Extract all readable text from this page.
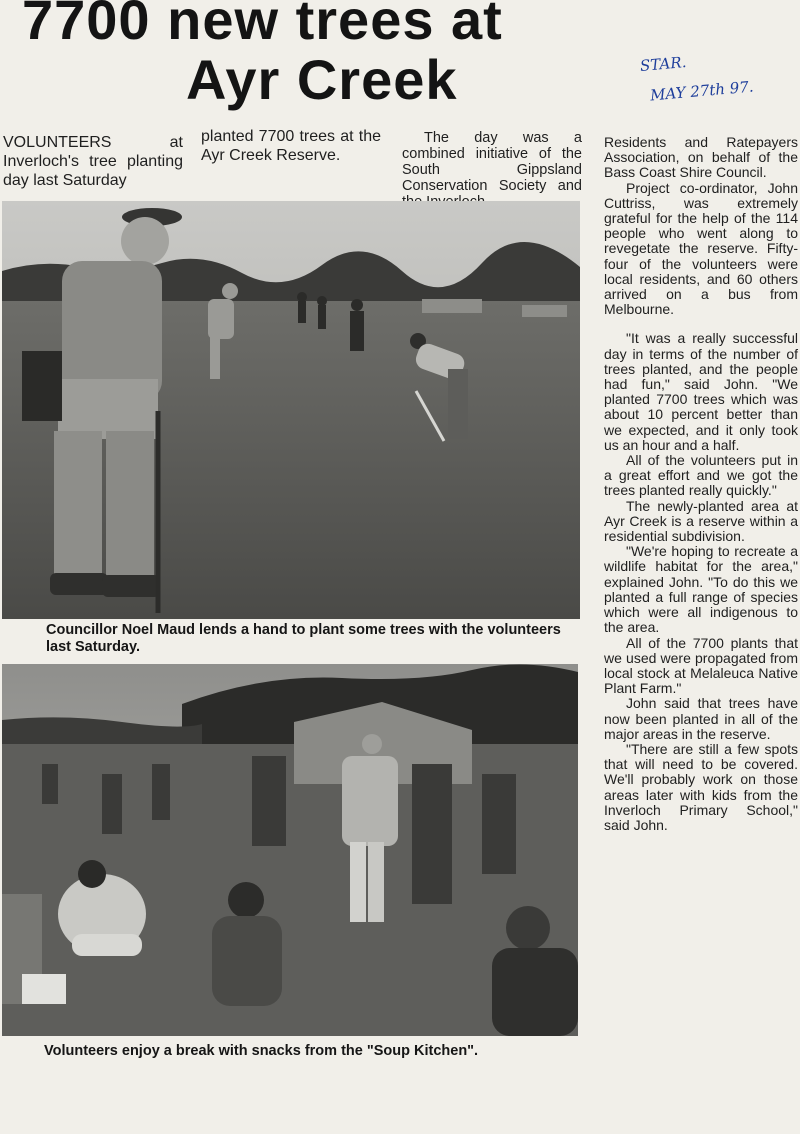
7700 new trees at
Ayr Creek	STAR.
MAY 27th 97.

VOLUNTEERS at Inverloch's tree planting day last Saturday

planted 7700 trees at the Ayr Creek Reserve.

The day was a combined initiative of the South Gippsland Conservation Society and

Councillor Noel Maud lends a hand to plant some trees with the volunteers last Saturday.

Volunteers enjoy a break with snacks from the "Soup Kitchen".

Residents and Ratepayers Association, on behalf of the Bass Coast Shire Council.

Project co-ordinator, John Cuttriss, was extremely grateful for the help of the 114 people who went along to revegetate the reserve. Fifty-four of the volunteers were local residents, and 60 others arrived on a bus from Melbourne.

"It was a really successful day in terms of the number of trees planted, and the people had fun," said John. "We planted 7700 trees which was about 10 percent better than we expected, and it only took us an hour and a half.

All of the volunteers put in a great effort and we got the trees planted really quickly."

The newly-planted area at Ayr Creek is a reserve within a residential subdivision.

"We're hoping to recreate a wildlife habitat for the area," explained John. "To do this we planted a full range of species which were all indigenous to the area.

All of the 7700 plants that we used were propagated from local stock at Melaleuca Native Plant Farm."

John said that trees have now been planted in all of the major areas in the reserve.

"There are still a few spots that will need to be covered. We'll probably work on those areas later with kids from the Inverloch Primary School," said John.
